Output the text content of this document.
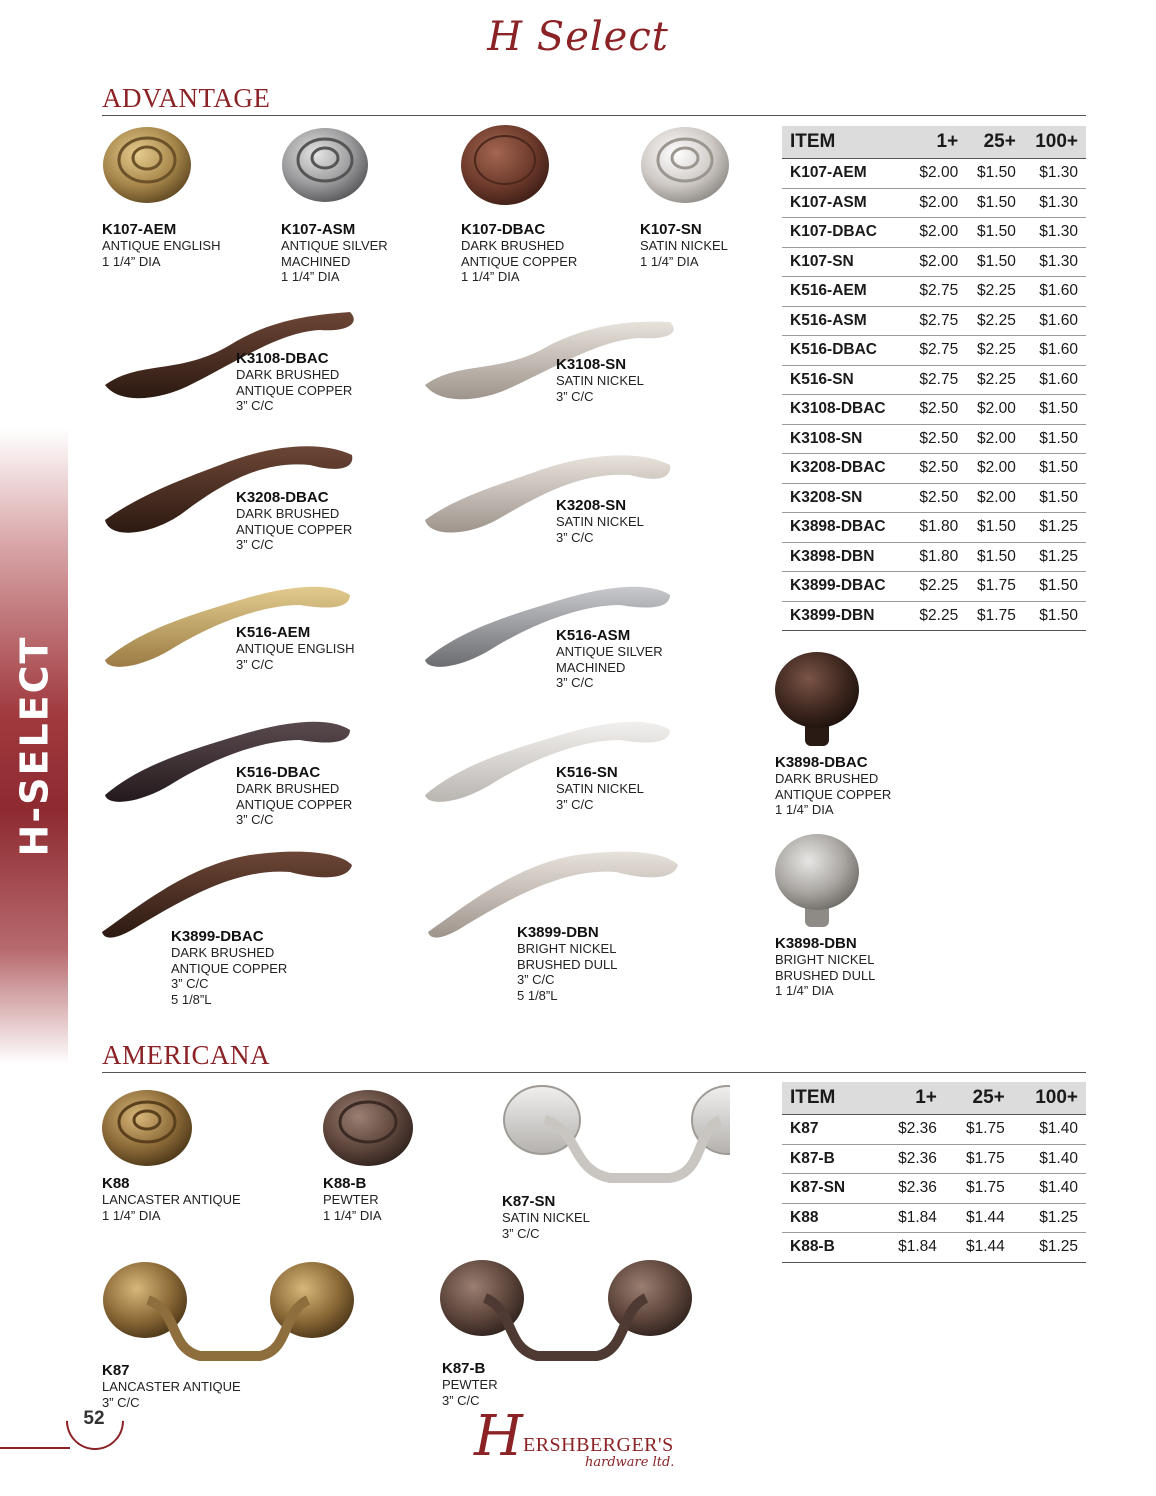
H Select
H-SELECT
ADVANTAGE
K107-AEM
ANTIQUE ENGLISH
1 1/4” DIA
K107-ASM
ANTIQUE SILVER
MACHINED
1 1/4” DIA
K107-DBAC
DARK BRUSHED
ANTIQUE COPPER
1 1/4” DIA
K107-SN
SATIN NICKEL
1 1/4” DIA
K3108-DBAC
DARK BRUSHED
ANTIQUE COPPER
3” C/C
K3108-SN
SATIN NICKEL
3” C/C
K3208-DBAC
DARK BRUSHED
ANTIQUE COPPER
3” C/C
K3208-SN
SATIN NICKEL
3” C/C
K516-AEM
ANTIQUE ENGLISH
3” C/C
K516-ASM
ANTIQUE SILVER
MACHINED
3” C/C
K516-DBAC
DARK BRUSHED
ANTIQUE COPPER
3” C/C
K516-SN
SATIN NICKEL
3” C/C
K3899-DBAC
DARK BRUSHED
ANTIQUE COPPER
3” C/C
5 1/8”L
K3899-DBN
BRIGHT NICKEL
BRUSHED DULL
3” C/C
5 1/8”L
K3898-DBAC
DARK BRUSHED
ANTIQUE COPPER
1 1/4” DIA
K3898-DBN
BRIGHT NICKEL
BRUSHED DULL
1 1/4” DIA
ITEM	1+	25+	100+
K107-AEM	$2.00	$1.50	$1.30
K107-ASM	$2.00	$1.50	$1.30
K107-DBAC	$2.00	$1.50	$1.30
K107-SN	$2.00	$1.50	$1.30
K516-AEM	$2.75	$2.25	$1.60
K516-ASM	$2.75	$2.25	$1.60
K516-DBAC	$2.75	$2.25	$1.60
K516-SN	$2.75	$2.25	$1.60
K3108-DBAC	$2.50	$2.00	$1.50
K3108-SN	$2.50	$2.00	$1.50
K3208-DBAC	$2.50	$2.00	$1.50
K3208-SN	$2.50	$2.00	$1.50
K3898-DBAC	$1.80	$1.50	$1.25
K3898-DBN	$1.80	$1.50	$1.25
K3899-DBAC	$2.25	$1.75	$1.50
K3899-DBN	$2.25	$1.75	$1.50
AMERICANA
K88
LANCASTER ANTIQUE
1 1/4” DIA
K88-B
PEWTER
1 1/4” DIA
K87-SN
SATIN NICKEL
3” C/C
K87
LANCASTER ANTIQUE
3” C/C
K87-B
PEWTER
3” C/C
ITEM	1+	25+	100+
K87	$2.36	$1.75	$1.40
K87-B	$2.36	$1.75	$1.40
K87-SN	$2.36	$1.75	$1.40
K88	$1.84	$1.44	$1.25
K88-B	$1.84	$1.44	$1.25
52	H ERSHBERGER'S
hardware ltd.
